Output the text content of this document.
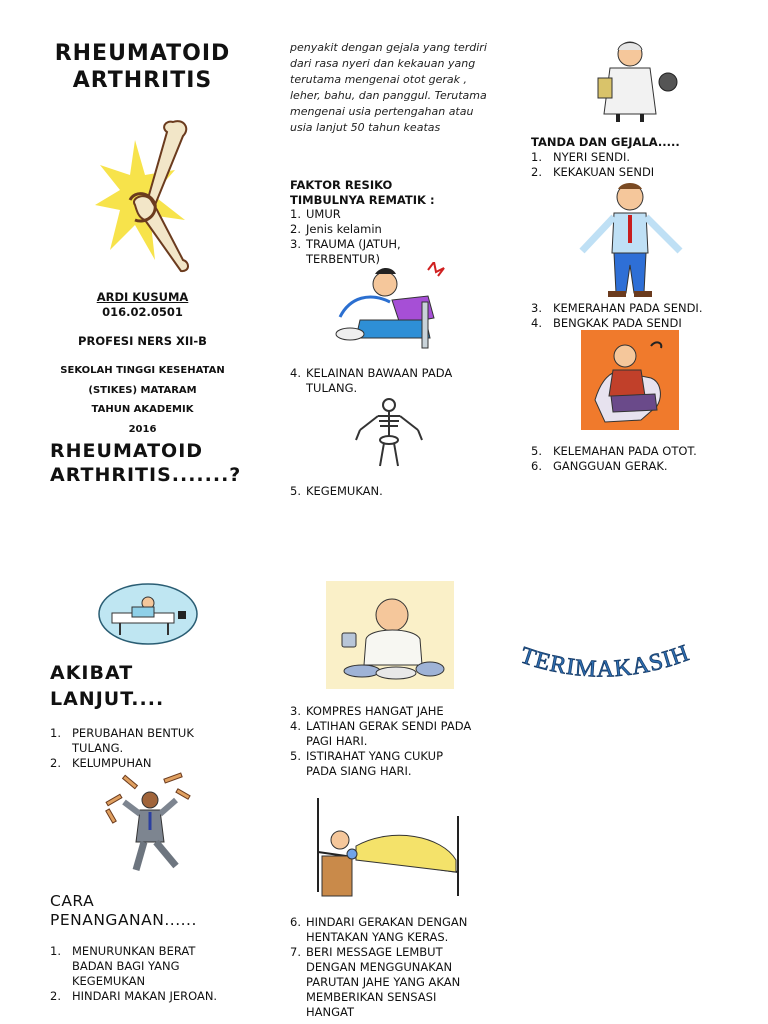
RHEUMATOID
ARTHRITIS
ARDI KUSUMA
016.02.0501
PROFESI NERS XII-B
SEKOLAH TINGGI KESEHATAN
(STIKES) MATARAM
TAHUN AKADEMIK
2016
RHEUMATOID
ARTHRITIS.......?
AKIBAT
LANJUT....
1. PERUBAHAN BENTUK TULANG.
2. KELUMPUHAN
CARA
PENANGANAN......
1. MENURUNKAN BERAT BADAN BAGI YANG KEGEMUKAN
2. HINDARI MAKAN JEROAN.
penyakit dengan gejala yang terdiri dari rasa nyeri dan kekauan yang terutama mengenai otot gerak , leher, bahu, dan panggul. Terutama mengenai usia pertengahan atau usia lanjut 50 tahun keatas
FAKTOR RESIKO
TIMBULNYA REMATIK :
1. UMUR
2. Jenis kelamin
3. TRAUMA (JATUH, TERBENTUR)
4. KELAINAN BAWAAN PADA TULANG.
5. KEGEMUKAN.
3. KOMPRES HANGAT JAHE
4. LATIHAN GERAK SENDI PADA PAGI HARI.
5. ISTIRAHAT YANG CUKUP PADA SIANG HARI.
6. HINDARI GERAKAN DENGAN HENTAKAN YANG KERAS.
7. BERI MESSAGE LEMBUT DENGAN MENGGUNAKAN PARUTAN JAHE YANG AKAN MEMBERIKAN SENSASI HANGAT
TANDA DAN GEJALA.....
1. NYERI SENDI.
2. KEKAKUAN SENDI
3. KEMERAHAN PADA SENDI.
4. BENGKAK PADA SENDI
5. KELEMAHAN PADA OTOT.
6. GANGGUAN GERAK.
TERIMAKASIH
